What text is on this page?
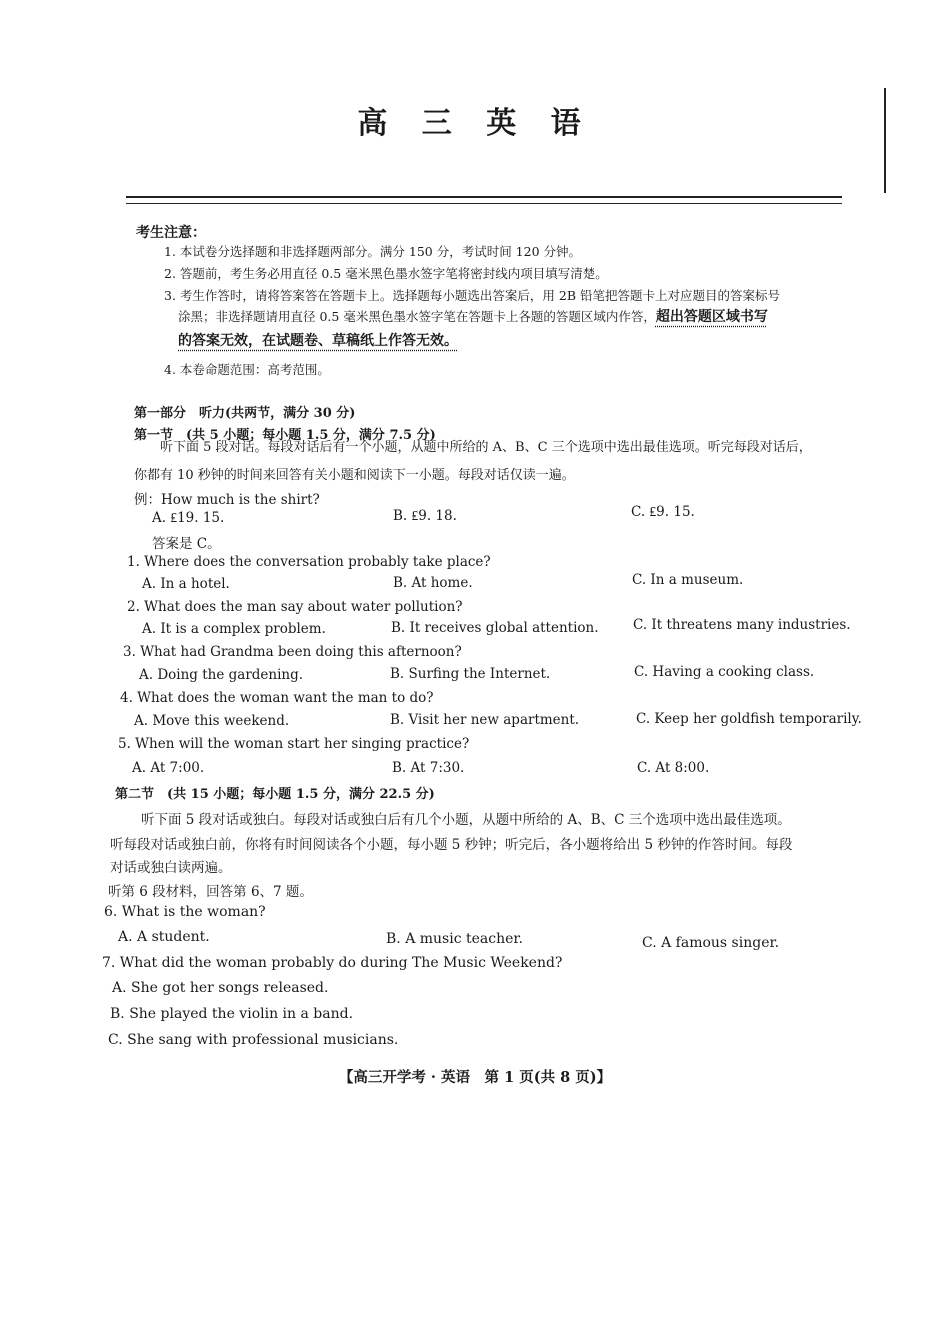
高 三 英 语
考生注意：
1. 本试卷分选择题和非选择题两部分。满分 150 分，考试时间 120 分钟。
2. 答题前，考生务必用直径 0.5 毫米黑色墨水签字笔将密封线内项目填写清楚。
3. 考生作答时，请将答案答在答题卡上。选择题每小题选出答案后，用 2B 铅笔把答题卡上对应题目的答案标号
涂黑；非选择题请用直径 0.5 毫米黑色墨水签字笔在答题卡上各题的答题区域内作答，超出答题区域书写
的答案无效，在试题卷、草稿纸上作答无效。
4. 本卷命题范围：高考范围。
第一部分　听力(共两节，满分 30 分)
第一节　(共 5 小题；每小题 1.5 分，满分 7.5 分)
听下面 5 段对话。每段对话后有一个小题，从题中所给的 A、B、C 三个选项中选出最佳选项。听完每段对话后，
你都有 10 秒钟的时间来回答有关小题和阅读下一小题。每段对话仅读一遍。
例：How much is the shirt?
A. ₤19. 15.	B. ₤9. 18.	C. ₤9. 15.
答案是 C。
1. Where does the conversation probably take place?
A. In a hotel.	B. At home.	C. In a museum.
2. What does the man say about water pollution?
A. It is a complex problem.	B. It receives global attention.	C. It threatens many industries.
3. What had Grandma been doing this afternoon?
A. Doing the gardening.	B. Surfing the Internet.	C. Having a cooking class.
4. What does the woman want the man to do?
A. Move this weekend.	B. Visit her new apartment.	C. Keep her goldfish temporarily.
5. When will the woman start her singing practice?
A. At 7:00.	B. At 7:30.	C. At 8:00.
第二节　(共 15 小题；每小题 1.5 分，满分 22.5 分)
听下面 5 段对话或独白。每段对话或独白后有几个小题，从题中所给的 A、B、C 三个选项中选出最佳选项。
听每段对话或独白前，你将有时间阅读各个小题，每小题 5 秒钟；听完后，各小题将给出 5 秒钟的作答时间。每段
对话或独白读两遍。
听第 6 段材料，回答第 6、7 题。
6. What is the woman?
A. A student.	B. A music teacher.	C. A famous singer.
7. What did the woman probably do during The Music Weekend?
A. She got her songs released.
B. She played the violin in a band.
C. She sang with professional musicians.
【高三开学考 · 英语　第 1 页(共 8 页)】
